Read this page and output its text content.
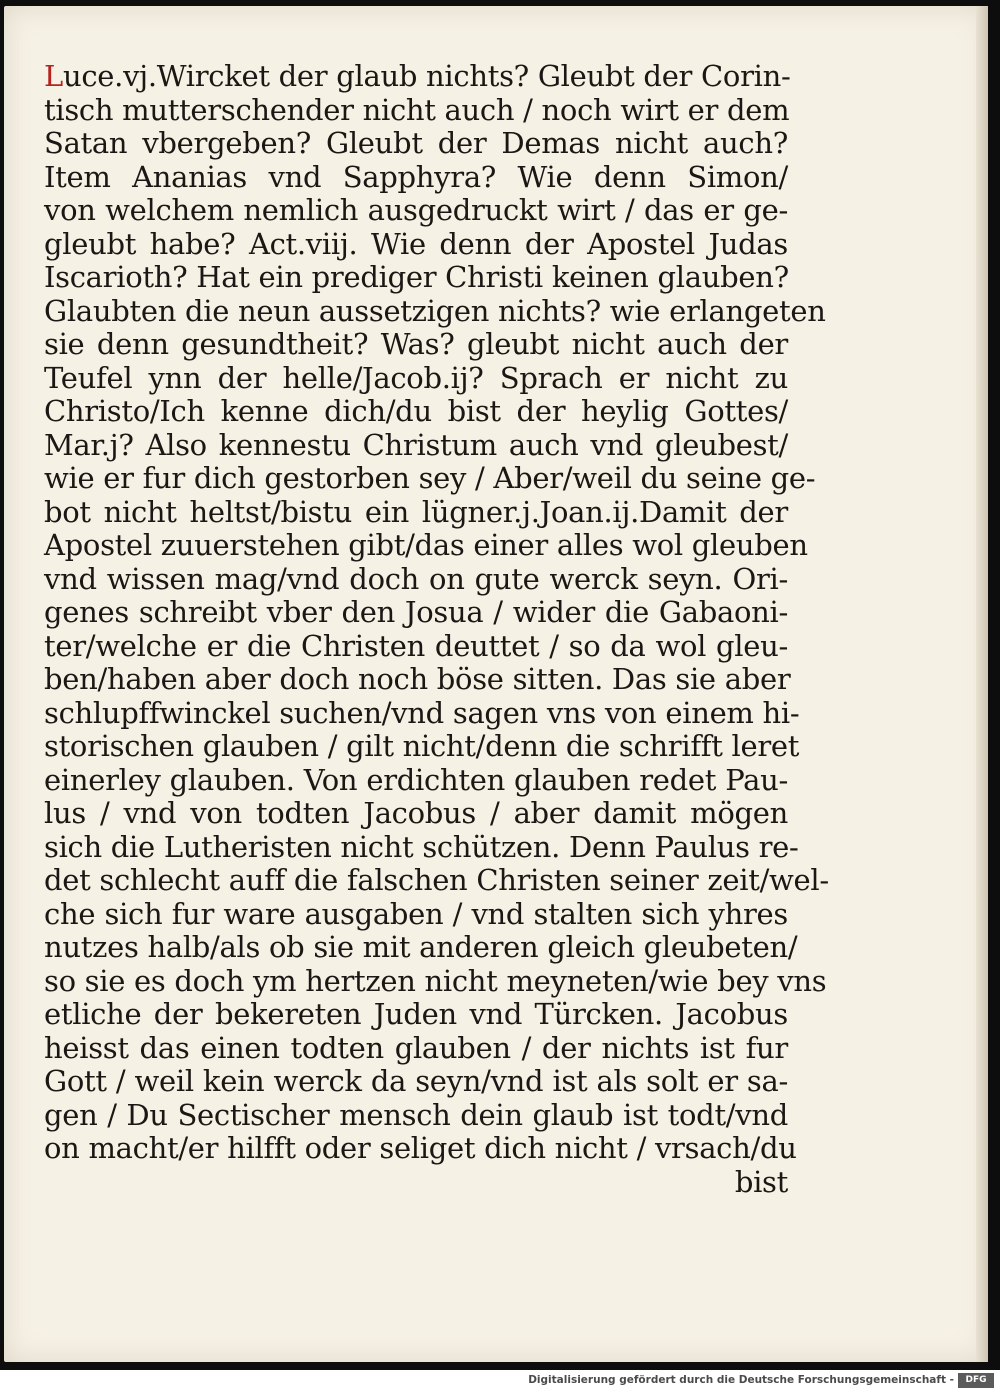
Luce.vj.Wircket der glaub nichts? Gleubt der Corin-
tisch mutterschender nicht auch / noch wirt er dem
Satan vbergeben? Gleubt der Demas nicht auch?
Item Ananias vnd Sapphyra? Wie denn Simon/
von welchem nemlich ausgedruckt wirt / das er ge-
gleubt habe? Act.viij. Wie denn der Apostel Judas
Iscarioth? Hat ein prediger Christi keinen glauben?
Glaubten die neun aussetzigen nichts? wie erlangeten
sie denn gesundtheit? Was? gleubt nicht auch der
Teufel ynn der helle/Jacob.ij? Sprach er nicht zu
Christo/Ich kenne dich/du bist der heylig Gottes/
Mar.j? Also kennestu Christum auch vnd gleubest/
wie er fur dich gestorben sey / Aber/weil du seine ge-
bot nicht heltst/bistu ein lügner.j.Joan.ij.Damit der
Apostel zuuerstehen gibt/das einer alles wol gleuben
vnd wissen mag/vnd doch on gute werck seyn. Ori-
genes schreibt vber den Josua / wider die Gabaoni-
ter/welche er die Christen deuttet / so da wol gleu-
ben/haben aber doch noch böse sitten. Das sie aber
schlupffwinckel suchen/vnd sagen vns von einem hi-
storischen glauben / gilt nicht/denn die schrifft leret
einerley glauben. Von erdichten glauben redet Pau-
lus / vnd von todten Jacobus / aber damit mögen
sich die Lutheristen nicht schützen. Denn Paulus re-
det schlecht auff die falschen Christen seiner zeit/wel-
che sich fur ware ausgaben / vnd stalten sich yhres
nutzes halb/als ob sie mit anderen gleich gleubeten/
so sie es doch ym hertzen nicht meyneten/wie bey vns
etliche der bekereten Juden vnd Türcken. Jacobus
heisst das einen todten glauben / der nichts ist fur
Gott / weil kein werck da seyn/vnd ist als solt er sa-
gen / Du Sectischer mensch dein glaub ist todt/vnd
on macht/er hilfft oder seliget dich nicht / vrsach/du
bist
Digitalisierung gefördert durch die Deutsche Forschungsgemeinschaft -	DFG
